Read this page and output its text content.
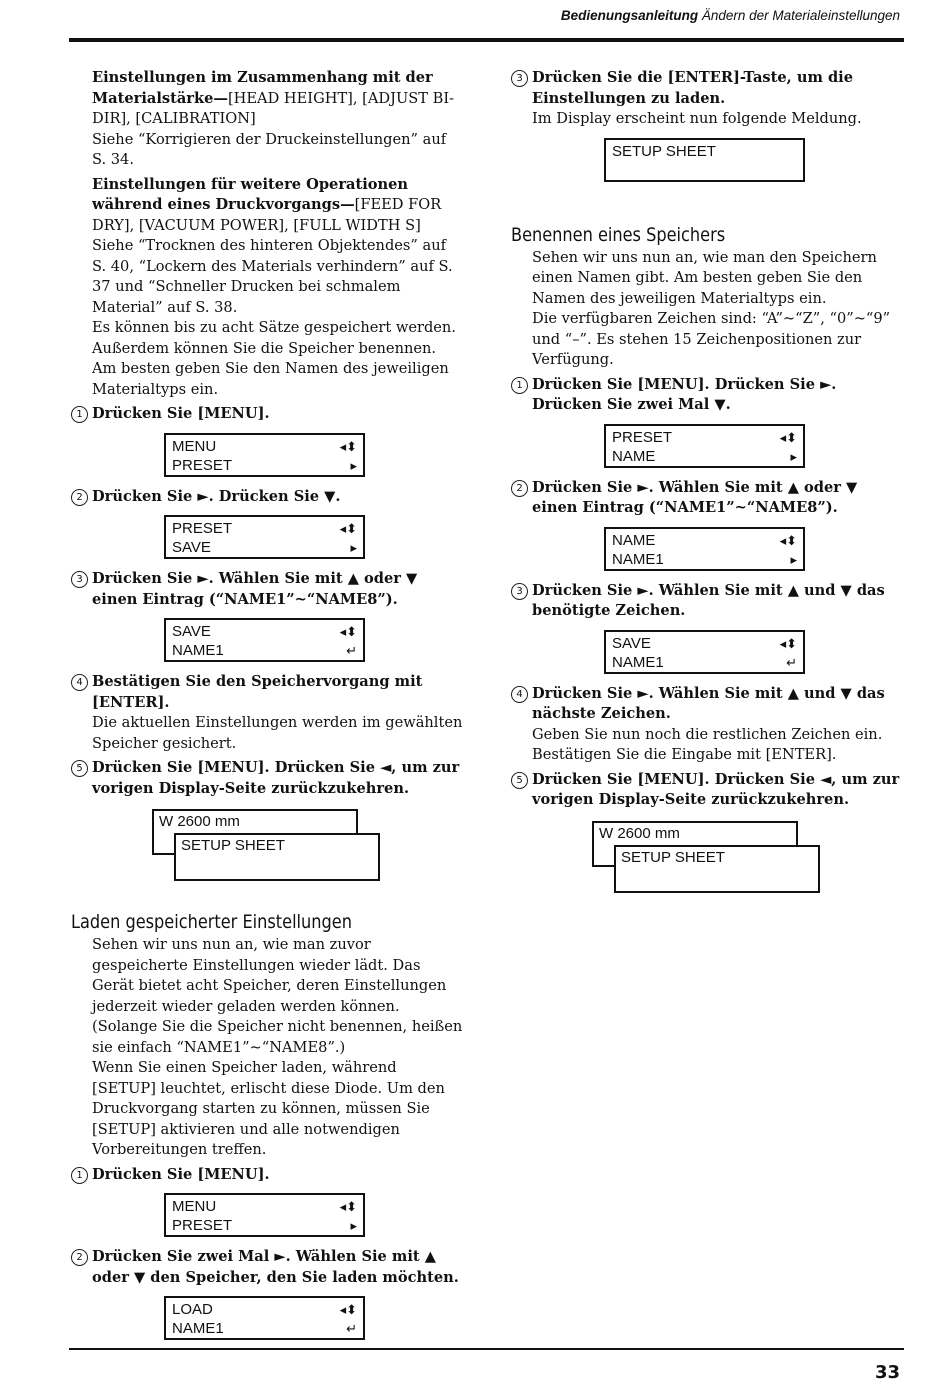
Bedienungsanleitung Ändern der Materialeinstellungen

Einstellungen im Zusammenhang mit der Materialstärke—[HEAD HEIGHT], [ADJUST BI-DIR], [CALIBRATION]

Siehe “Korrigieren der Druckeinstellungen” auf S. 34.

Einstellungen für weitere Operationen während eines Druckvorgangs—[FEED FOR DRY], [VACUUM POWER], [FULL WIDTH S]

Siehe “Trocknen des hinteren Objektendes” auf S. 40, “Lockern des Materials verhindern” auf S. 37 und “Schneller Drucken bei schmalem Material” auf S. 38.

Es können bis zu acht Sätze gespeichert werden. Außerdem können Sie die Speicher benennen. Am besten geben Sie den Namen des jeweiligen Materialtyps ein.

1 Drücken Sie [MENU].
MENU	◂⬍
PRESET	▸
2 Drücken Sie ►. Drücken Sie ▼.
PRESET	◂⬍
SAVE	▸
3 Drücken Sie ►. Wählen Sie mit ▲ oder ▼ einen Eintrag (“NAME1”~“NAME8”).
SAVE	◂⬍
NAME1	↵
4 Bestätigen Sie den Speichervorgang mit [ENTER].
Die aktuellen Einstellungen werden im gewählten Speicher gesichert.
5 Drücken Sie [MENU]. Drücken Sie ◄, um zur vorigen Display-Seite zurückzukehren.
W 2600 mm
SETUP SHEET
Laden gespeicherter Einstellungen

Sehen wir uns nun an, wie man zuvor gespeicherte Einstellungen wieder lädt. Das Gerät bietet acht Speicher, deren Einstellungen jederzeit wieder geladen werden können. (Solange Sie die Speicher nicht benennen, heißen sie einfach “NAME1”~“NAME8”.)

Wenn Sie einen Speicher laden, während [SETUP] leuchtet, erlischt diese Diode. Um den Druckvorgang starten zu können, müssen Sie [SETUP] aktivieren und alle notwendigen Vorbereitungen treffen.

1 Drücken Sie [MENU].
MENU	◂⬍
PRESET	▸
2 Drücken Sie zwei Mal ►. Wählen Sie mit ▲ oder ▼ den Speicher, den Sie laden möchten.
LOAD	◂⬍
NAME1	↵
3 Drücken Sie die [ENTER]-Taste, um die Einstellungen zu laden.
Im Display erscheint nun folgende Meldung.
SETUP SHEET
Benennen eines Speichers

Sehen wir uns nun an, wie man den Speichern einen Namen gibt. Am besten geben Sie den Namen des jeweiligen Materialtyps ein.

Die verfügbaren Zeichen sind: “A”~“Z”, “0”~“9” und “–”. Es stehen 15 Zeichenpositionen zur Verfügung.

1 Drücken Sie [MENU]. Drücken Sie ►. Drücken Sie zwei Mal ▼.
PRESET	◂⬍
NAME	▸
2 Drücken Sie ►. Wählen Sie mit ▲ oder ▼ einen Eintrag (“NAME1”~“NAME8”).
NAME	◂⬍
NAME1	▸
3 Drücken Sie ►. Wählen Sie mit ▲ und ▼ das benötigte Zeichen.
SAVE	◂⬍
NAME1	↵
4 Drücken Sie ►. Wählen Sie mit ▲ und ▼ das nächste Zeichen.
Geben Sie nun noch die restlichen Zeichen ein. Bestätigen Sie die Eingabe mit [ENTER].
5 Drücken Sie [MENU]. Drücken Sie ◄, um zur vorigen Display-Seite zurückzukehren.
W 2600 mm
SETUP SHEET
33
